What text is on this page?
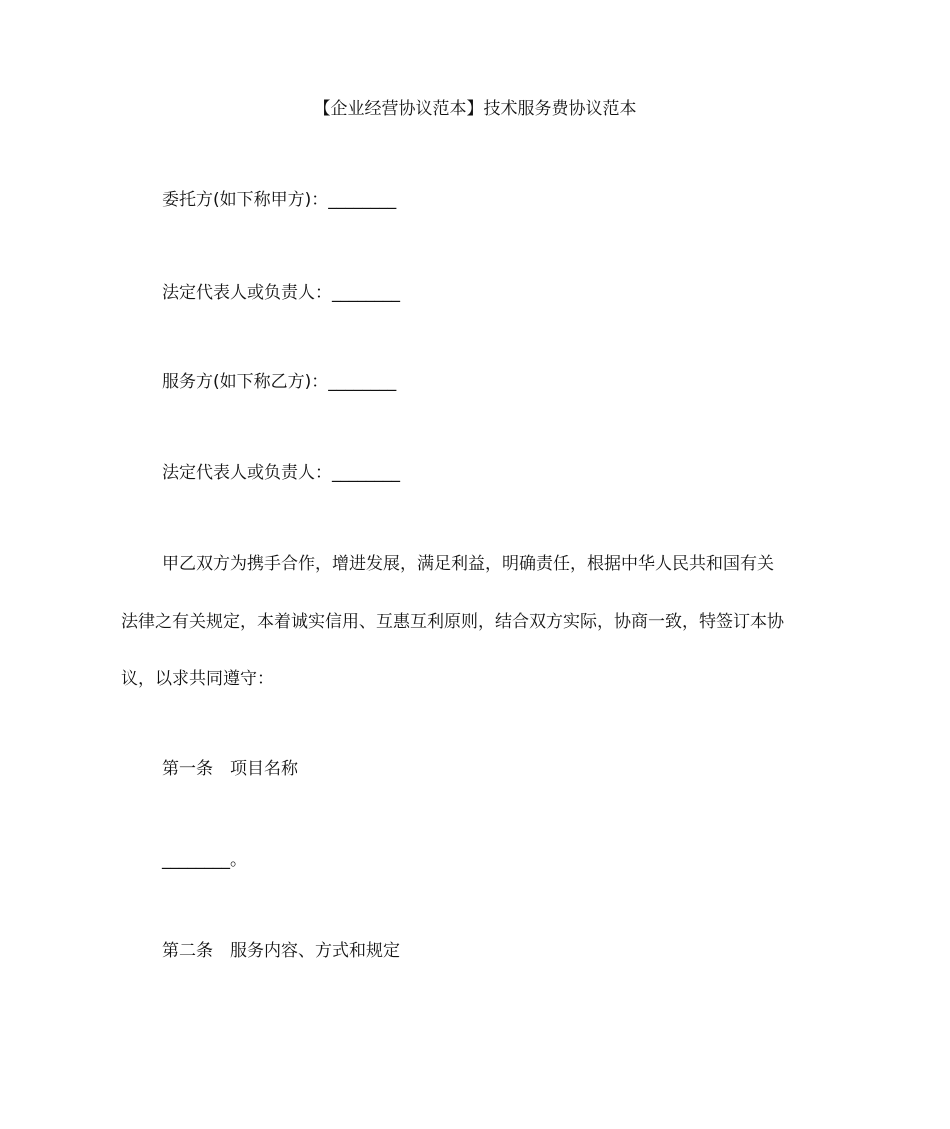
【企业经营协议范本】技术服务费协议范本
委托方(如下称甲方)：________
法定代表人或负责人：________
服务方(如下称乙方)：________
法定代表人或负责人：________
甲乙双方为携手合作，增进发展，满足利益，明确责任，根据中华人民共和国有关
法律之有关规定，本着诚实信用、互惠互利原则，结合双方实际，协商一致，特签订本协
议，以求共同遵守：
第一条　项目名称
________。
第二条　服务内容、方式和规定
